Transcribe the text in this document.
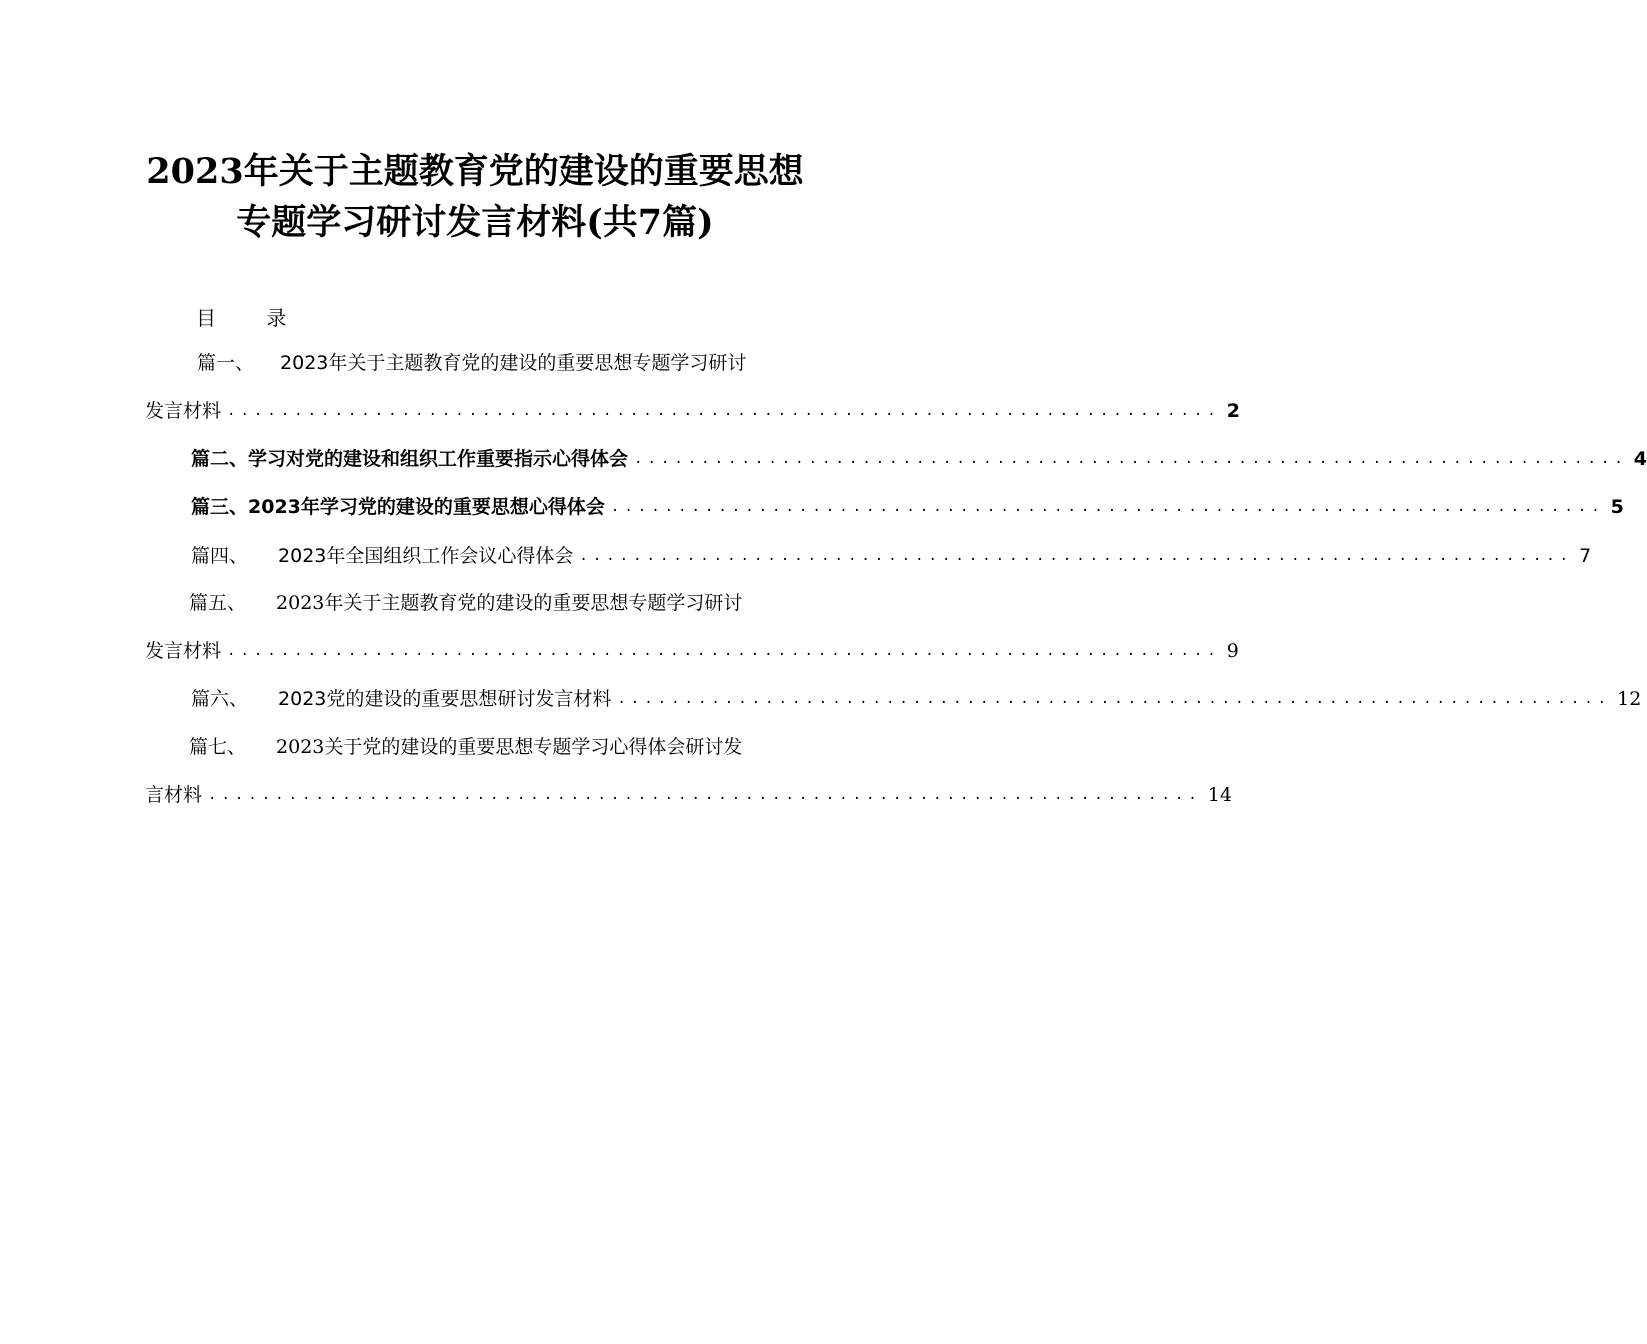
2023年关于主题教育党的建设的重要思想
专题学习研讨发言材料(共7篇)
目 录
篇一、 2023年关于主题教育党的建设的重要思想专题学习研讨
发言材料 .......................................................................... 2
篇二、 学习对党的建设和组织工作重要指示心得体会 .......................................................................... 4
篇三、 2023年学习党的建设的重要思想心得体会 .......................................................................... 5
篇四、 2023年全国组织工作会议心得体会 .......................................................................... 7
篇五、 2023年关于主题教育党的建设的重要思想专题学习研讨
发言材料 .......................................................................... 9
篇六、 2023党的建设的重要思想研讨发言材料 .......................................................................... 12
篇七、 2023关于党的建设的重要思想专题学习心得体会研讨发
言材料 .......................................................................... 14
